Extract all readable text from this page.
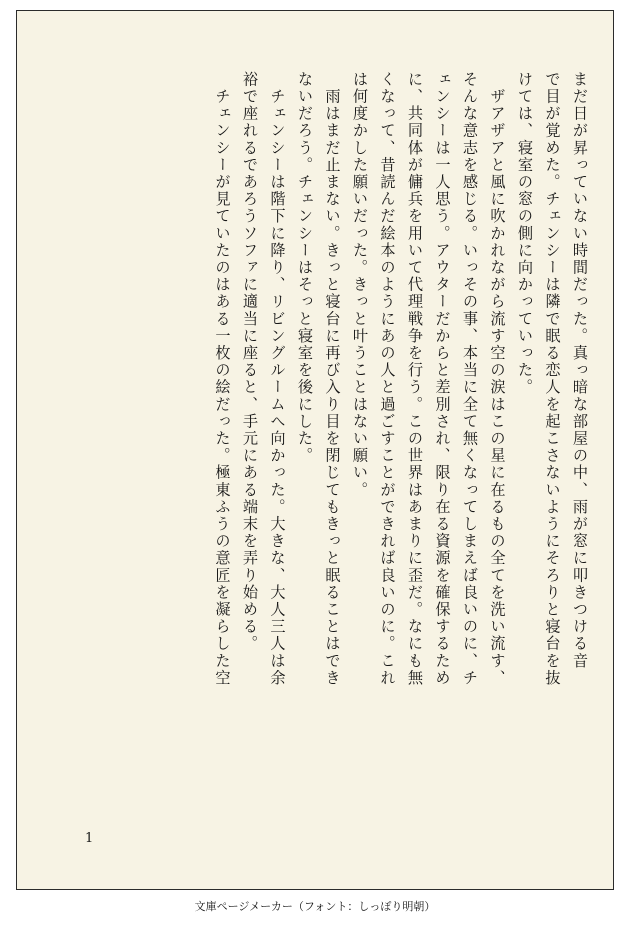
まだ日が昇っていない時間だった。真っ暗な部屋の中、雨が窓に叩きつける音
で目が覚めた。チェンシーは隣で眠る恋人を起こさないようにそろりと寝台を抜
けては、寝室の窓の側に向かっていった。
　ザアザアと風に吹かれながら流す空の涙はこの星に在るもの全てを洗い流す、
そんな意志を感じる。いっその事、本当に全て無くなってしまえば良いのに、チ
ェンシーは一人思う。アウターだからと差別され、限り在る資源を確保するため
に、共同体が傭兵を用いて代理戦争を行う。この世界はあまりに歪だ。なにも無
くなって、昔読んだ絵本のようにあの人と過ごすことができれば良いのに。これ
は何度かした願いだった。きっと叶うことはない願い。
　雨はまだ止まない。きっと寝台に再び入り目を閉じてもきっと眠ることはでき
ないだろう。チェンシーはそっと寝室を後にした。
　チェンシーは階下に降り、リビングルームへ向かった。大きな、大人三人は余
裕で座れるであろうソファに適当に座ると、手元にある端末を弄り始める。
　チェンシーが見ていたのはある一枚の絵だった。極東ふうの意匠を凝らした空
1
文庫ページメーカー（フォント：しっぽり明朝）
